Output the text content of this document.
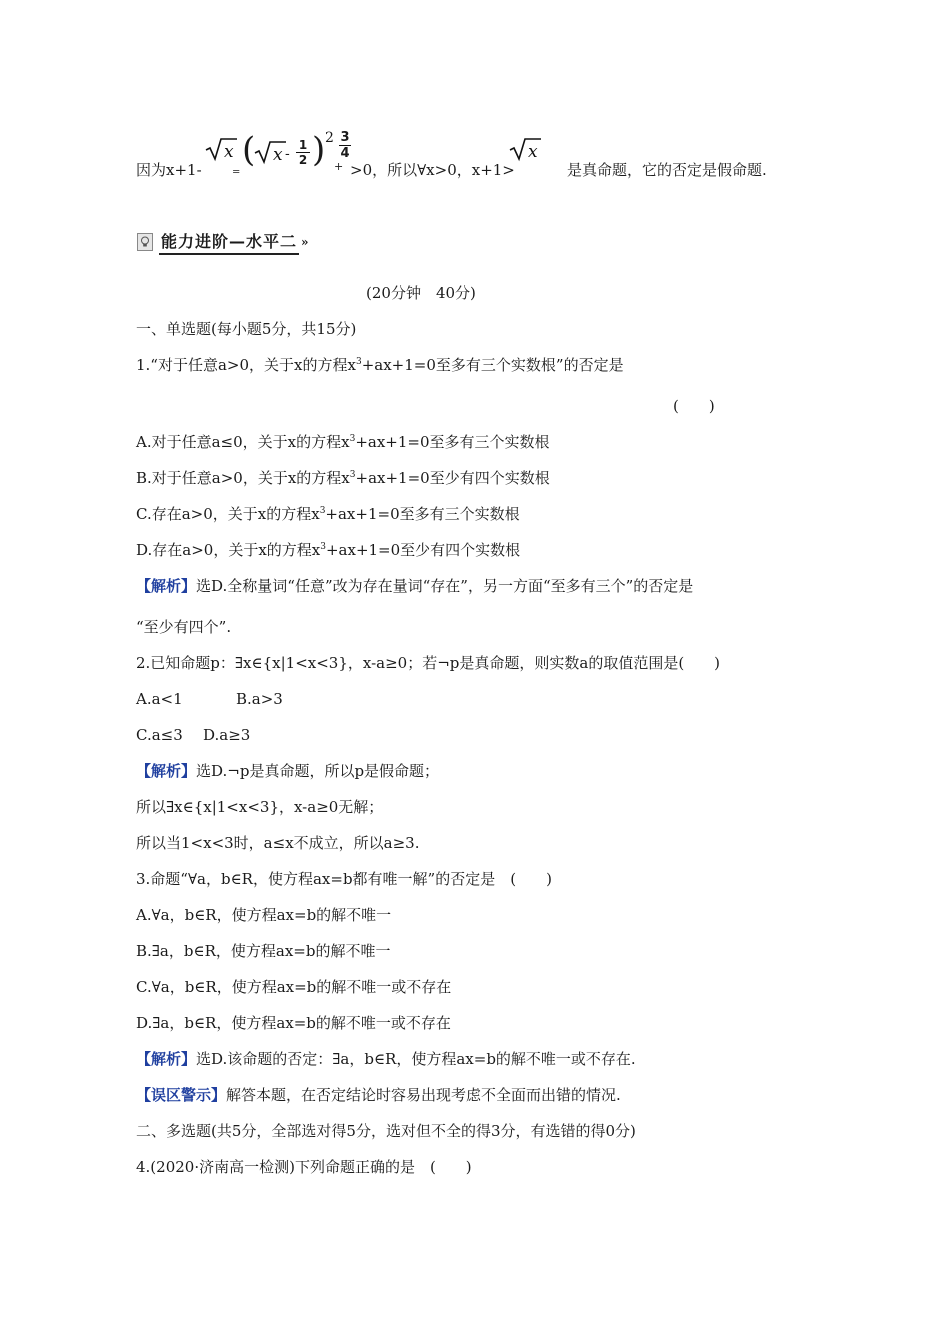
因为x+1-
x
=
( x - $\frac{1}{2}$ ) 2
+
$\frac{3}{4}$
>0，所以∀x>0，x+1>
x
是真命题，它的否定是假命题.
能力进阶—水平二 »
(20分钟　40分)
一、单选题(每小题5分，共15分)
1.“对于任意a>0，关于x的方程$x^3+ax+1=0$至多有三个实数根”的否定是
(　　)
A.对于任意a≤0，关于x的方程$x^3+ax+1=0$至多有三个实数根
B.对于任意a>0，关于x的方程$x^3+ax+1=0$至少有四个实数根
C.存在a>0，关于x的方程$x^3+ax+1=0$至多有三个实数根
D.存在a>0，关于x的方程$x^3+ax+1=0$至少有四个实数根
【解析】选D.全称量词“任意”改为存在量词“存在”，另一方面“至多有三个”的否定是
“至少有四个”.
2.已知命题p：∃x∈{x|1<x<3}，x-a≥0；若¬p是真命题，则实数a的取值范围是(　　)
A.a<1	B.a>3
C.a≤3 D.a≥3
【解析】选D.¬p是真命题，所以p是假命题；
所以∃x∈{x|1<x<3}，x-a≥0无解；
所以当1<x<3时，a≤x不成立，所以a≥3.
3.命题“∀a，b∈R，使方程ax=b都有唯一解”的否定是　(　　)
A.∀a，b∈R，使方程ax=b的解不唯一
B.∃a，b∈R，使方程ax=b的解不唯一
C.∀a，b∈R，使方程ax=b的解不唯一或不存在
D.∃a，b∈R，使方程ax=b的解不唯一或不存在
【解析】选D.该命题的否定：∃a，b∈R，使方程ax=b的解不唯一或不存在.
【误区警示】解答本题，在否定结论时容易出现考虑不全面而出错的情况.
二、多选题(共5分，全部选对得5分，选对但不全的得3分，有选错的得0分)
4.(2020·济南高一检测)下列命题正确的是　(　　)
